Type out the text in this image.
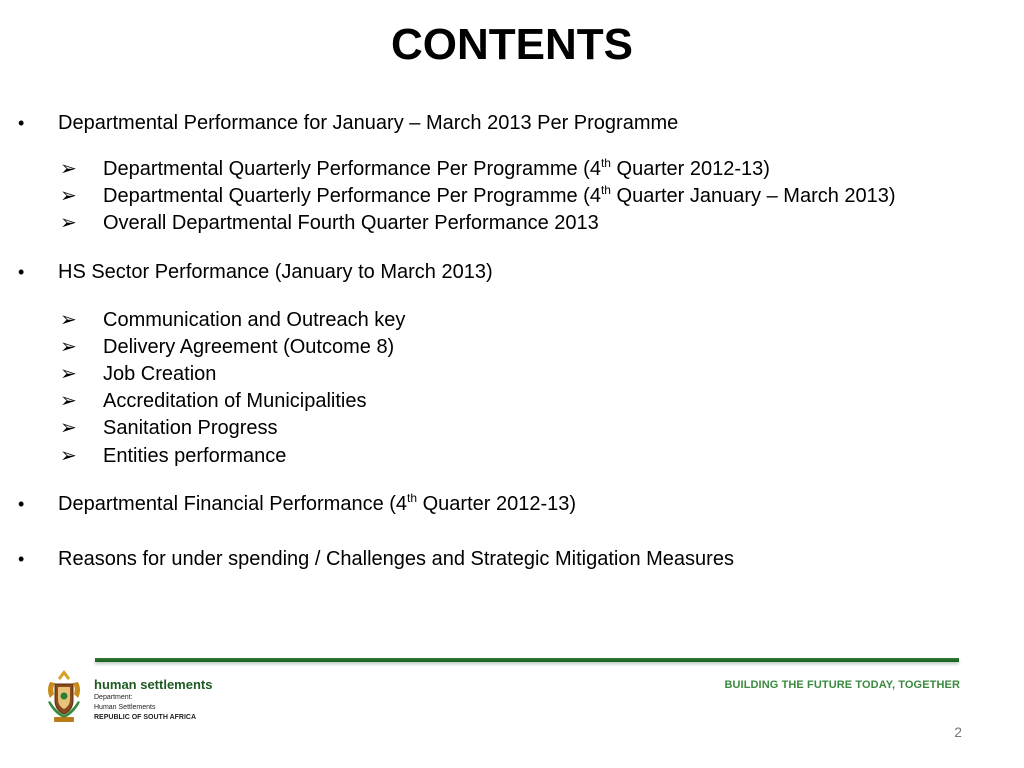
CONTENTS
• Departmental Performance for January – March 2013 Per Programme
➢ Departmental Quarterly Performance Per Programme (4th Quarter 2012-13)
➢ Departmental Quarterly Performance Per Programme (4th Quarter January – March 2013)
➢ Overall Departmental Fourth Quarter Performance 2013
• HS Sector Performance (January to March 2013)
➢ Communication and Outreach key
➢ Delivery Agreement (Outcome 8)
➢ Job Creation
➢ Accreditation of Municipalities
➢ Sanitation Progress
➢ Entities performance
• Departmental Financial Performance (4th Quarter 2012-13)
• Reasons for under spending / Challenges and Strategic Mitigation Measures
BUILDING THE FUTURE TODAY, TOGETHER
human settlements
Department:
Human Settlements
REPUBLIC OF SOUTH AFRICA
2
